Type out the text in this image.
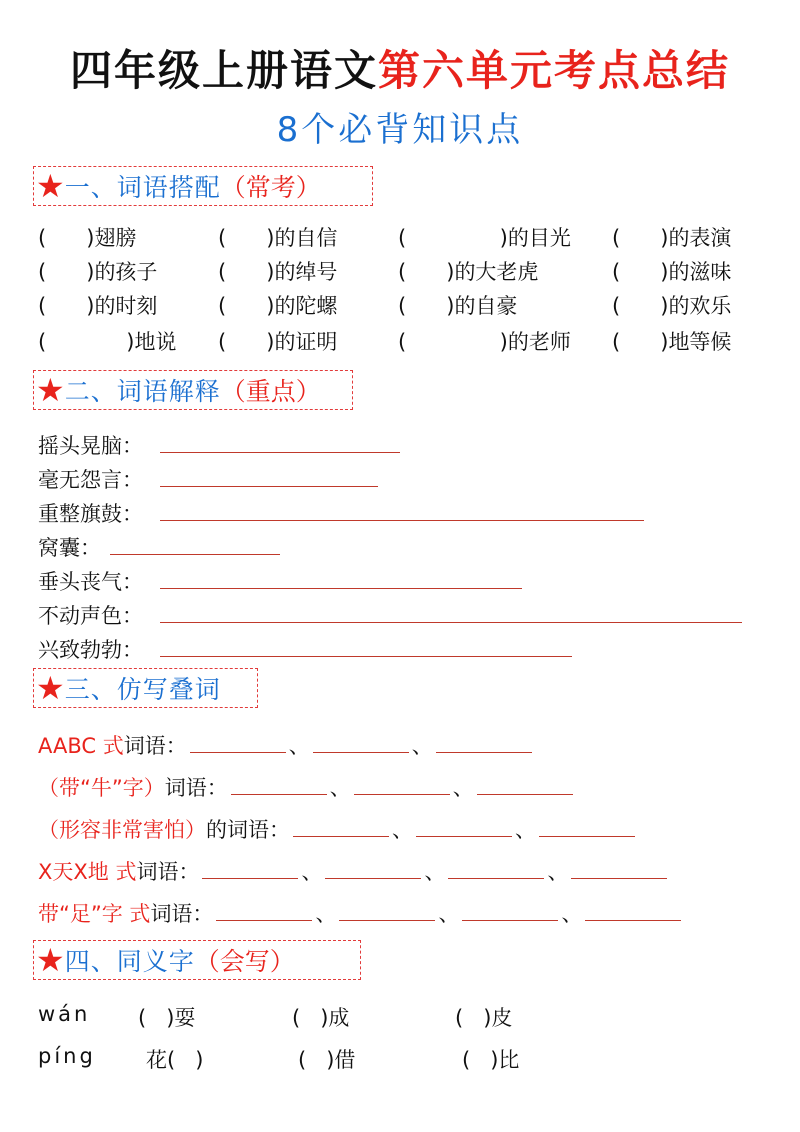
四年级上册语文第六单元考点总结
8个必背知识点
★ 一、词语搭配 （ 常考 ）
(      )翅膀	(      )的自信	(              )的目光 (      )的表演
(      )的孩子	(      )的绰号	(      )的大老虎	(      )的滋味
(      )的时刻	(      )的陀螺	(      )的自豪	(      )的欢乐
(            )地说 (      )的证明	(              )的老师 (      )地等候
★ 二、词语解释 （ 重点 ）
摇头晃脑：
毫无怨言：
重整旗鼓：
窝囊：
垂头丧气：
不动声色：
兴致勃勃：
★ 三、仿写叠词
AABC 式词语：	、	、
（带“牛”字）词语：	、	、
（形容非常害怕）的词语：	、	、
X天X地 式词语：	、	、	、
带“足”字 式词语：	、	、	、
★ 四、同义字 （ 会写 ）
wán (   )耍	(   )成	(   )皮
píng 花(   )	(   )借	(   )比
